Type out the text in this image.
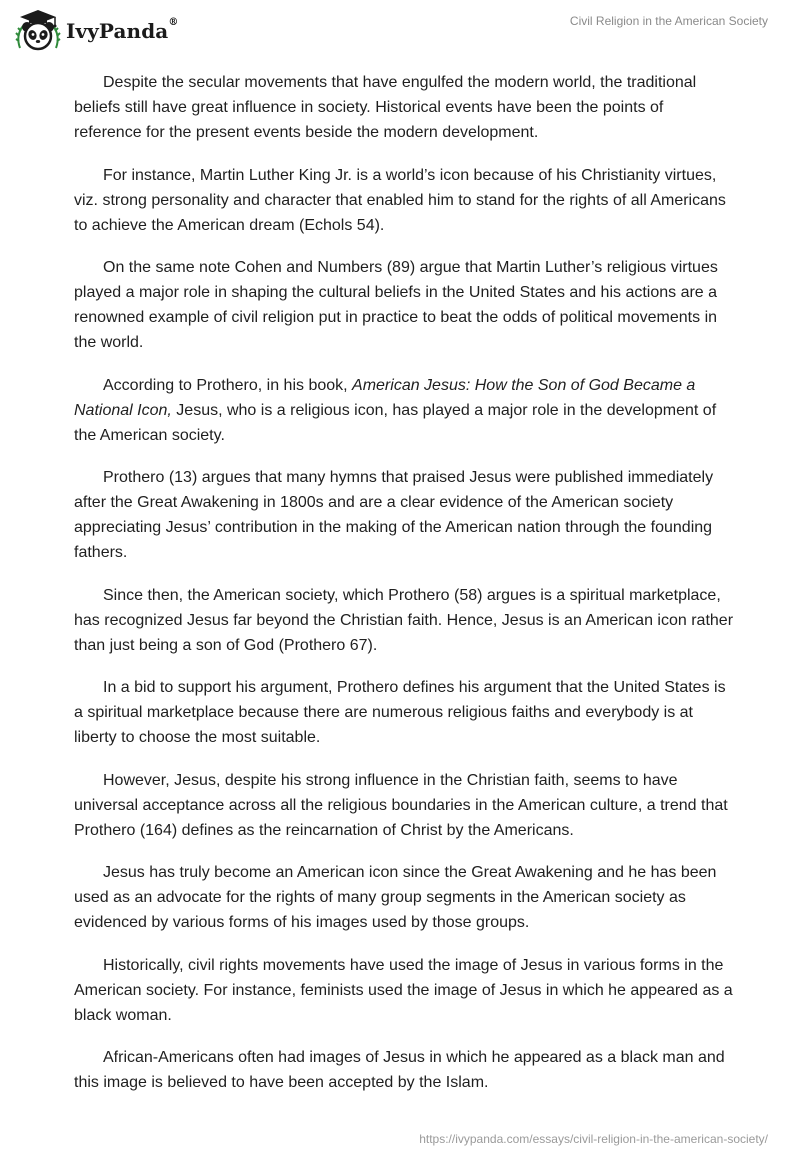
IvyPanda®	Civil Religion in the American Society

Despite the secular movements that have engulfed the modern world, the traditional beliefs still have great influence in society. Historical events have been the points of reference for the present events beside the modern development.

For instance, Martin Luther King Jr. is a world’s icon because of his Christianity virtues, viz. strong personality and character that enabled him to stand for the rights of all Americans to achieve the American dream (Echols 54).

On the same note Cohen and Numbers (89) argue that Martin Luther’s religious virtues played a major role in shaping the cultural beliefs in the United States and his actions are a renowned example of civil religion put in practice to beat the odds of political movements in the world.

According to Prothero, in his book, American Jesus: How the Son of God Became a National Icon, Jesus, who is a religious icon, has played a major role in the development of the American society.

Prothero (13) argues that many hymns that praised Jesus were published immediately after the Great Awakening in 1800s and are a clear evidence of the American society appreciating Jesus’ contribution in the making of the American nation through the founding fathers.

Since then, the American society, which Prothero (58) argues is a spiritual marketplace, has recognized Jesus far beyond the Christian faith. Hence, Jesus is an American icon rather than just being a son of God (Prothero 67).

In a bid to support his argument, Prothero defines his argument that the United States is a spiritual marketplace because there are numerous religious faiths and everybody is at liberty to choose the most suitable.

However, Jesus, despite his strong influence in the Christian faith, seems to have universal acceptance across all the religious boundaries in the American culture, a trend that Prothero (164) defines as the reincarnation of Christ by the Americans.

Jesus has truly become an American icon since the Great Awakening and he has been used as an advocate for the rights of many group segments in the American society as evidenced by various forms of his images used by those groups.

Historically, civil rights movements have used the image of Jesus in various forms in the American society. For instance, feminists used the image of Jesus in which he appeared as a black woman.

African-Americans often had images of Jesus in which he appeared as a black man and this image is believed to have been accepted by the Islam.

https://ivypanda.com/essays/civil-religion-in-the-american-society/
